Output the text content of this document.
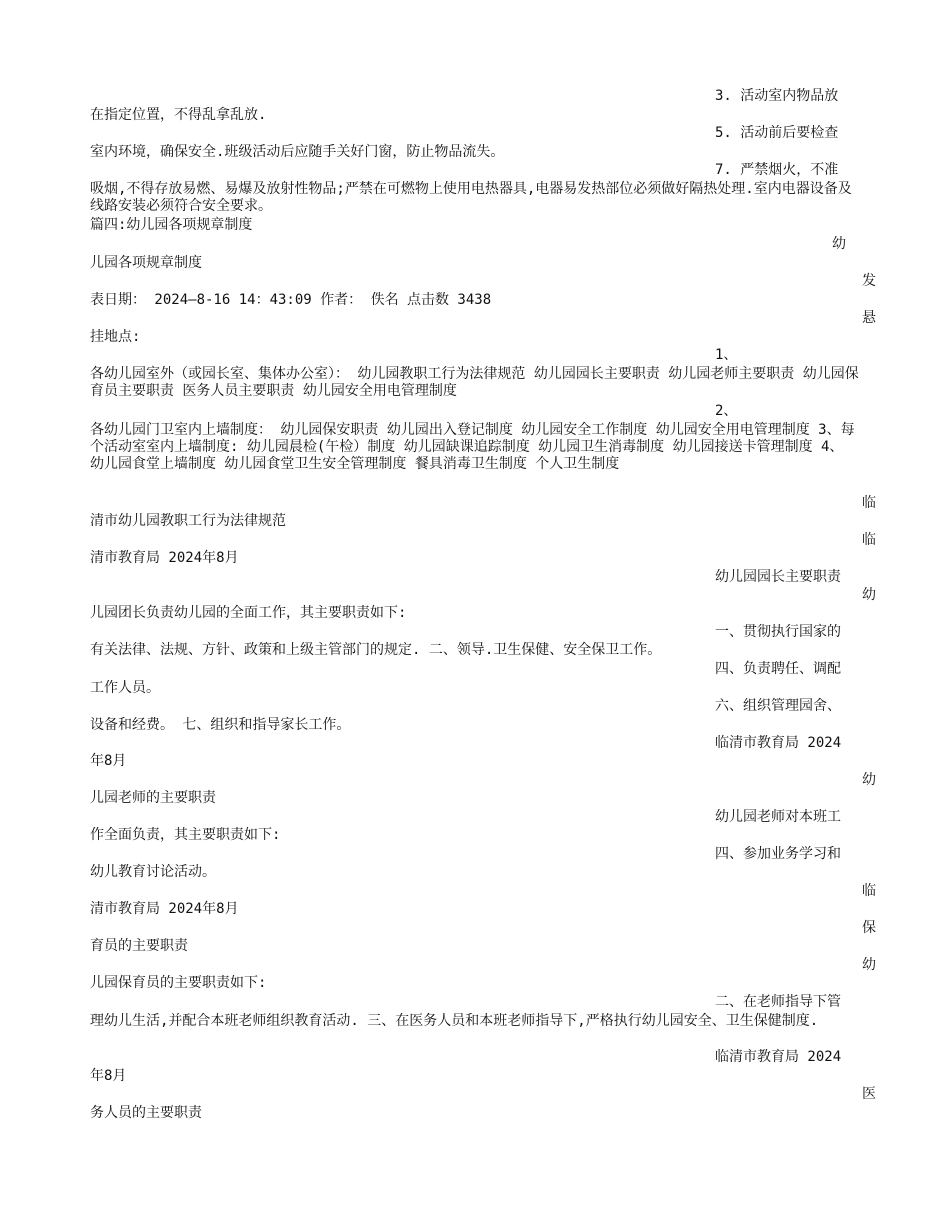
3. 活动室内物品放
5. 活动前后要检查
7. 严禁烟火，不准
幼
发
悬
1、
2、
临
临
幼儿园园长主要职责
幼
一、贯彻执行国家的
四、负责聘任、调配
六、组织管理园舍、
临清市教育局 2024
幼
幼儿园老师对本班工
四、参加业务学习和
临
保
幼
二、在老师指导下管
临清市教育局 2024
医
在指定位置，不得乱拿乱放.
室内环境，确保安全.班级活动后应随手关好门窗，防止物品流失。
吸烟,不得存放易燃、易爆及放射性物品;严禁在可燃物上使用电热器具,电器易发热部位必须做好隔热处理.室内电器设备及线路安装必须符合安全要求。
篇四:幼儿园各项规章制度
儿园各项规章制度
表日期： 2024—8-16 14：43:09 作者： 佚名 点击数 3438
挂地点:
各幼儿园室外（或园长室、集体办公室）： 幼儿园教职工行为法律规范 幼儿园园长主要职责 幼儿园老师主要职责 幼儿园保育员主要职责 医务人员主要职责 幼儿园安全用电管理制度
各幼儿园门卫室内上墙制度： 幼儿园保安职责 幼儿园出入登记制度 幼儿园安全工作制度 幼儿园安全用电管理制度 3、每个活动室室内上墙制度: 幼儿园晨检(午检）制度 幼儿园缺课追踪制度 幼儿园卫生消毒制度 幼儿园接送卡管理制度 4、 幼儿园食堂上墙制度 幼儿园食堂卫生安全管理制度 餐具消毒卫生制度 个人卫生制度
清市幼儿园教职工行为法律规范
清市教育局 2024年8月
儿园团长负责幼儿园的全面工作，其主要职责如下:
有关法律、法规、方针、政策和上级主管部门的规定. 二、领导.卫生保健、安全保卫工作。
工作人员。
设备和经费。 七、组织和指导家长工作。
年8月
儿园老师的主要职责
作全面负责，其主要职责如下:
幼儿教育讨论活动。
清市教育局 2024年8月
育员的主要职责
儿园保育员的主要职责如下:
理幼儿生活,并配合本班老师组织教育活动. 三、在医务人员和本班老师指导下,严格执行幼儿园安全、卫生保健制度.
年8月
务人员的主要职责
